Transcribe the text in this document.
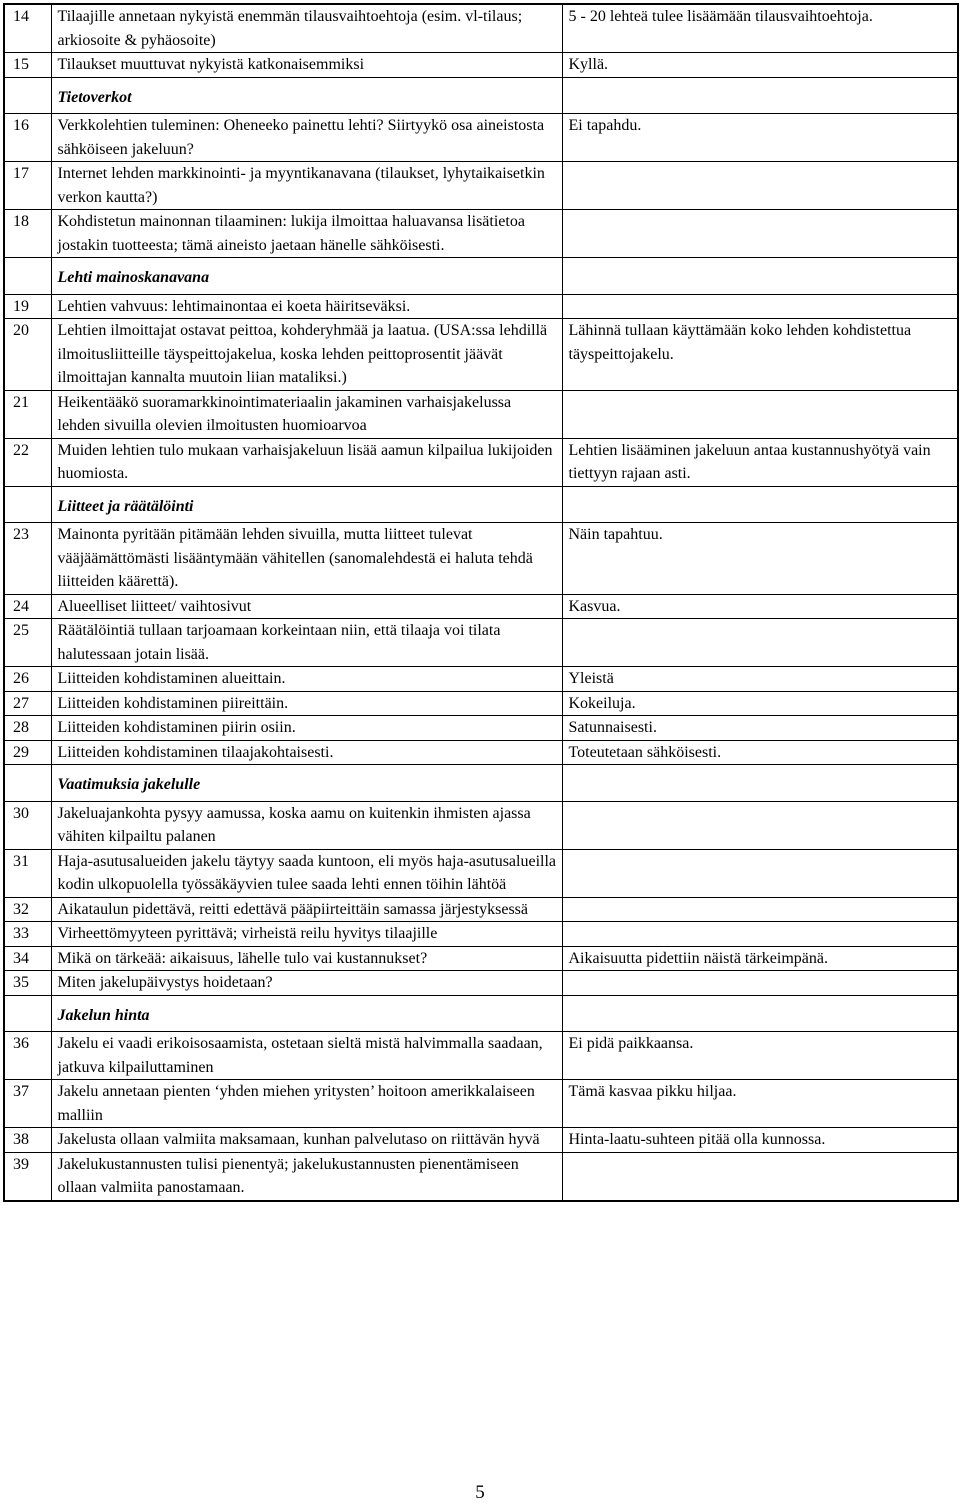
14	Tilaajille annetaan nykyistä enemmän tilausvaihtoehtoja (esim. vl-tilaus; arkiosoite & pyhäosoite)	5 - 20 lehteä tulee lisäämään tilausvaihtoehtoja.
15	Tilaukset muuttuvat nykyistä katkonaisemmiksi	Kyllä.
	Tietoverkot	
16	Verkkolehtien tuleminen: Oheneeko painettu lehti? Siirtyykö osa aineistosta sähköiseen jakeluun?	Ei tapahdu.
17	Internet lehden markkinointi- ja myyntikanavana (tilaukset, lyhytaikaisetkin verkon kautta?)	
18	Kohdistetun mainonnan tilaaminen: lukija ilmoittaa haluavansa lisätietoa jostakin tuotteesta; tämä aineisto jaetaan hänelle sähköisesti.	
	Lehti mainoskanavana	
19	Lehtien vahvuus: lehtimainontaa ei koeta häiritseväksi.	
20	Lehtien ilmoittajat ostavat peittoa, kohderyhmää ja laatua. (USA:ssa lehdillä ilmoitusliitteille täyspeittojakelua, koska lehden peittoprosentit jäävät ilmoittajan kannalta muutoin liian mataliksi.)	Lähinnä tullaan käyttämään koko lehden kohdistettua täyspeittojakelu.
21	Heikentääkö suoramarkkinointimateriaalin jakaminen varhaisjakelussa lehden sivuilla olevien ilmoitusten huomioarvoa	
22	Muiden lehtien tulo mukaan varhaisjakeluun lisää aamun kilpailua lukijoiden huomiosta.	Lehtien lisääminen jakeluun antaa kustannushyötyä vain tiettyyn rajaan asti.
	Liitteet ja räätälöinti	
23	Mainonta pyritään pitämään lehden sivuilla, mutta liitteet tulevat vääjäämättömästi lisääntymään vähitellen (sanomalehdestä ei haluta tehdä liitteiden käärettä).	Näin tapahtuu.
24	Alueelliset liitteet/ vaihtosivut	Kasvua.
25	Räätälöintiä tullaan tarjoamaan korkeintaan niin, että tilaaja voi tilata halutessaan jotain lisää.	
26	Liitteiden kohdistaminen alueittain.	Yleistä
27	Liitteiden kohdistaminen piireittäin.	Kokeiluja.
28	Liitteiden kohdistaminen piirin osiin.	Satunnaisesti.
29	Liitteiden kohdistaminen tilaajakohtaisesti.	Toteutetaan sähköisesti.
	Vaatimuksia jakelulle	
30	Jakeluajankohta pysyy aamussa, koska aamu on kuitenkin ihmisten ajassa vähiten kilpailtu palanen	
31	Haja-asutusalueiden jakelu täytyy saada kuntoon, eli myös haja-asutusalueilla kodin ulkopuolella työssäkäyvien tulee saada lehti ennen töihin lähtöä	
32	Aikataulun pidettävä, reitti edettävä pääpiirteittäin samassa järjestyksessä	
33	Virheettömyyteen pyrittävä; virheistä reilu hyvitys tilaajille	
34	Mikä on tärkeää: aikaisuus, lähelle tulo vai kustannukset?	Aikaisuutta pidettiin näistä tärkeimpänä.
35	Miten jakelupäivystys hoidetaan?	
	Jakelun hinta	
36	Jakelu ei vaadi erikoisosaamista, ostetaan sieltä mistä halvimmalla saadaan, jatkuva kilpailuttaminen	Ei pidä paikkaansa.
37	Jakelu annetaan pienten ‘yhden miehen yritysten’ hoitoon amerikkalaiseen malliin	Tämä kasvaa pikku hiljaa.
38	Jakelusta ollaan valmiita maksamaan, kunhan palvelutaso on riittävän hyvä	Hinta-laatu-suhteen pitää olla kunnossa.
39	Jakelukustannusten tulisi pienentyä; jakelukustannusten pienentämiseen ollaan valmiita panostamaan.	
5
